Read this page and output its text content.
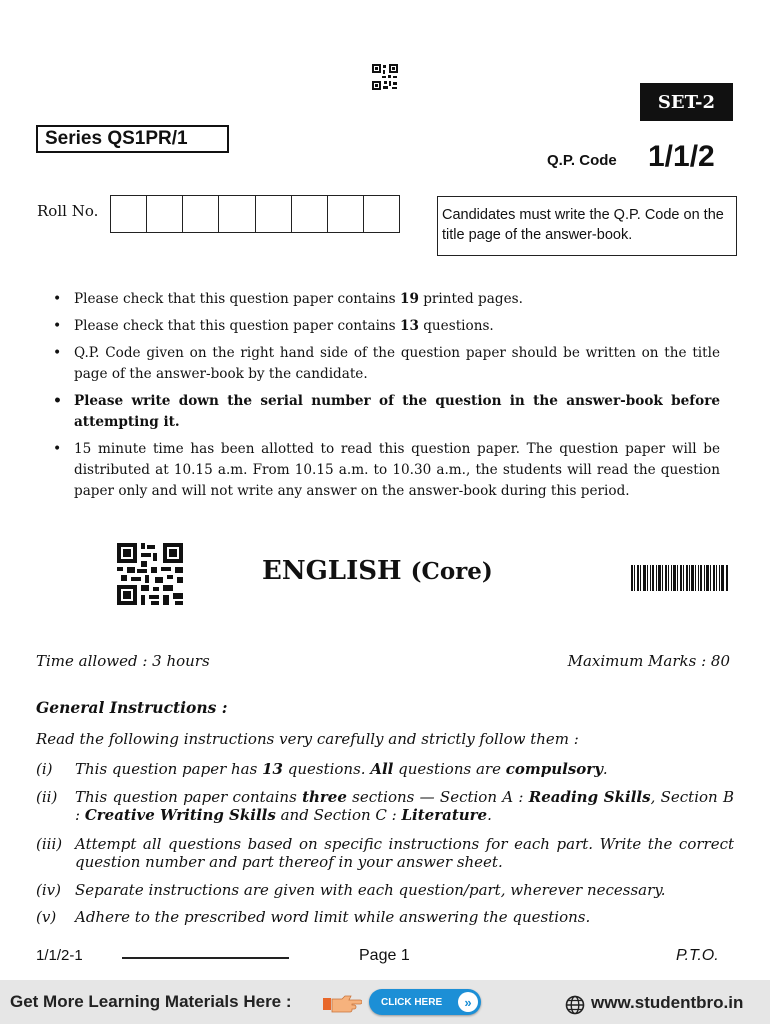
SET-2
Series QS1PR/1
Q.P. Code 1/1/2
Roll No.	Candidates must write the Q.P. Code on the title page of the answer-book.
• Please check that this question paper contains 19 printed pages.
• Please check that this question paper contains 13 questions.
• Q.P. Code given on the right hand side of the question paper should be written on the title page of the answer-book by the candidate.
• Please write down the serial number of the question in the answer-book before attempting it.
• 15 minute time has been allotted to read this question paper. The question paper will be distributed at 10.15 a.m. From 10.15 a.m. to 10.30 a.m., the students will read the question paper only and will not write any answer on the answer-book during this period.
ENGLISH (Core)
Time allowed : 3 hours	Maximum Marks : 80
General Instructions :
Read the following instructions very carefully and strictly follow them :
(i)	This question paper has 13 questions. All questions are compulsory.
(ii)	This question paper contains three sections — Section A : Reading Skills, Section B : Creative Writing Skills and Section C : Literature.
(iii) Attempt all questions based on specific instructions for each part. Write the correct question number and part thereof in your answer sheet.
(iv) Separate instructions are given with each question/part, wherever necessary.
(v)	Adhere to the prescribed word limit while answering the questions.
1/1/2-1	Page 1	P.T.O.
Get More Learning Materials Here :	CLICK HERE	»	www.studentbro.in
